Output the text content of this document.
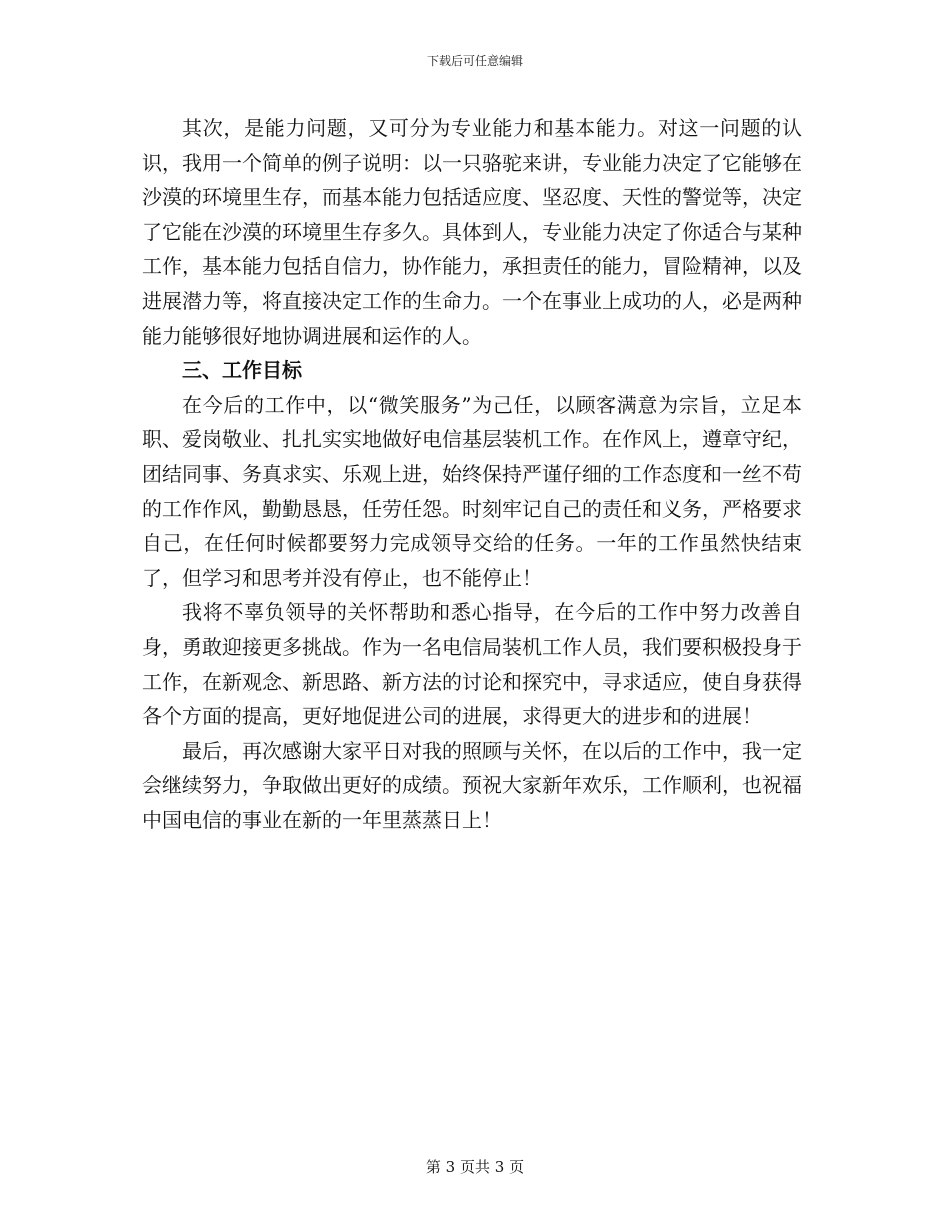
下载后可任意编辑

其次，是能力问题，又可分为专业能力和基本能力。对这一问题的认识，我用一个简单的例子说明：以一只骆驼来讲，专业能力决定了它能够在沙漠的环境里生存，而基本能力包括适应度、坚忍度、天性的警觉等，决定了它能在沙漠的环境里生存多久。具体到人，专业能力决定了你适合与某种工作，基本能力包括自信力，协作能力，承担责任的能力，冒险精神，以及进展潜力等，将直接决定工作的生命力。一个在事业上成功的人，必是两种能力能够很好地协调进展和运作的人。

三、工作目标

在今后的工作中，以“微笑服务”为己任，以顾客满意为宗旨，立足本职、爱岗敬业、扎扎实实地做好电信基层装机工作。在作风上，遵章守纪，团结同事、务真求实、乐观上进，始终保持严谨仔细的工作态度和一丝不苟的工作作风，勤勤恳恳，任劳任怨。时刻牢记自己的责任和义务，严格要求自己，在任何时候都要努力完成领导交给的任务。一年的工作虽然快结束了，但学习和思考并没有停止，也不能停止！

我将不辜负领导的关怀帮助和悉心指导，在今后的工作中努力改善自身，勇敢迎接更多挑战。作为一名电信局装机工作人员，我们要积极投身于工作，在新观念、新思路、新方法的讨论和探究中，寻求适应，使自身获得各个方面的提高，更好地促进公司的进展，求得更大的进步和的进展！

最后，再次感谢大家平日对我的照顾与关怀，在以后的工作中，我一定会继续努力，争取做出更好的成绩。预祝大家新年欢乐，工作顺利，也祝福中国电信的事业在新的一年里蒸蒸日上！

第 3 页共 3 页
